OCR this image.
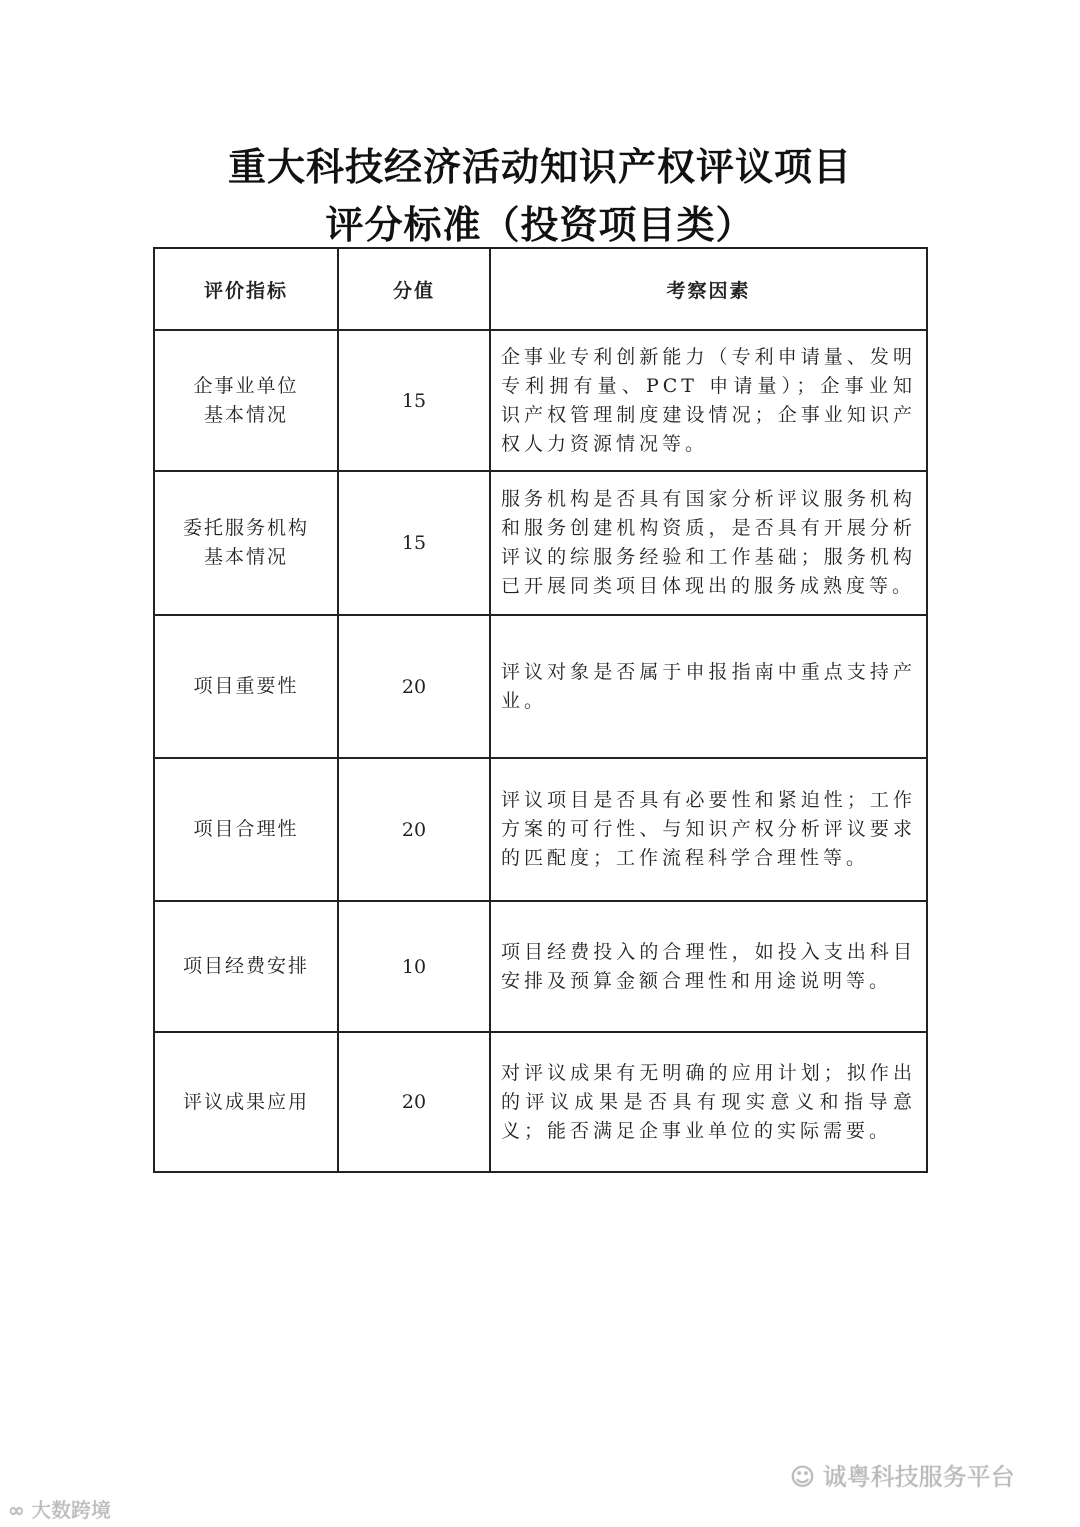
重大科技经济活动知识产权评议项目
评分标准（投资项目类）
评价指标	分值	考察因素
企事业单位
基本情况	15	企事业专利创新能力（专利申请量、发明专利拥有量、PCT 申请量）；企事业知识产权管理制度建设情况；企事业知识产权人力资源情况等。
委托服务机构
基本情况	15	服务机构是否具有国家分析评议服务机构和服务创建机构资质，是否具有开展分析评议的综服务经验和工作基础；服务机构已开展同类项目体现出的服务成熟度等。
项目重要性	20	评议对象是否属于申报指南中重点支持产业。
项目合理性	20	评议项目是否具有必要性和紧迫性；工作方案的可行性、与知识产权分析评议要求的匹配度；工作流程科学合理性等。
项目经费安排	10	项目经费投入的合理性，如投入支出科目安排及预算金额合理性和用途说明等。
评议成果应用	20	对评议成果有无明确的应用计划；拟作出的评议成果是否具有现实意义和指导意义；能否满足企事业单位的实际需要。
☺ 诚粤科技服务平台
∞ 大数跨境
